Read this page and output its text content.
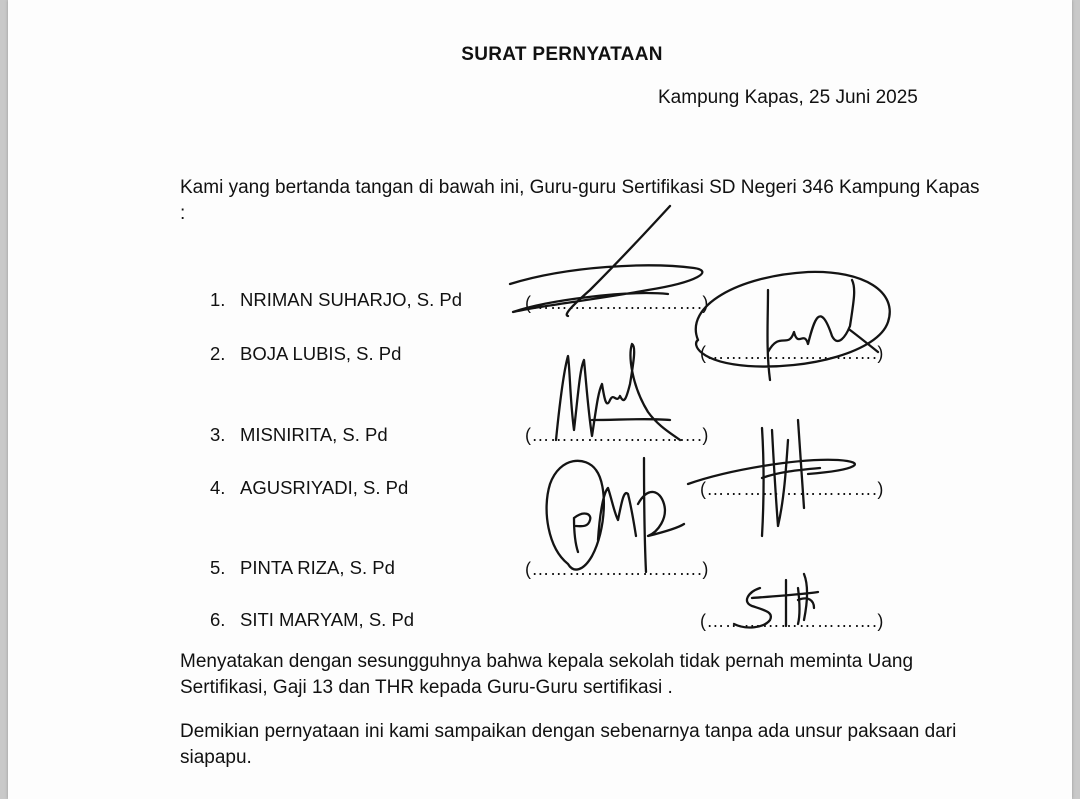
SURAT PERNYATAAN
Kampung Kapas, 25 Juni 2025
Kami yang bertanda tangan di bawah ini, Guru-guru Sertifikasi SD Negeri 346 Kampung Kapas :
1. NRIMAN SUHARJO, S. Pd	(……………………….)
2. BOJA LUBIS, S. Pd	(……………………….)
3. MISNIRITA, S. Pd	(……………………….)
4. AGUSRIYADI, S. Pd	(……………………….)
5. PINTA RIZA, S. Pd	(……………………….)
6. SITI MARYAM, S. Pd	(……………………….)
Menyatakan dengan sesungguhnya bahwa kepala sekolah tidak pernah meminta Uang Sertifikasi, Gaji 13 dan THR kepada Guru-Guru sertifikasi .
Demikian pernyataan ini kami sampaikan dengan sebenarnya tanpa ada unsur paksaan dari siapapu.
